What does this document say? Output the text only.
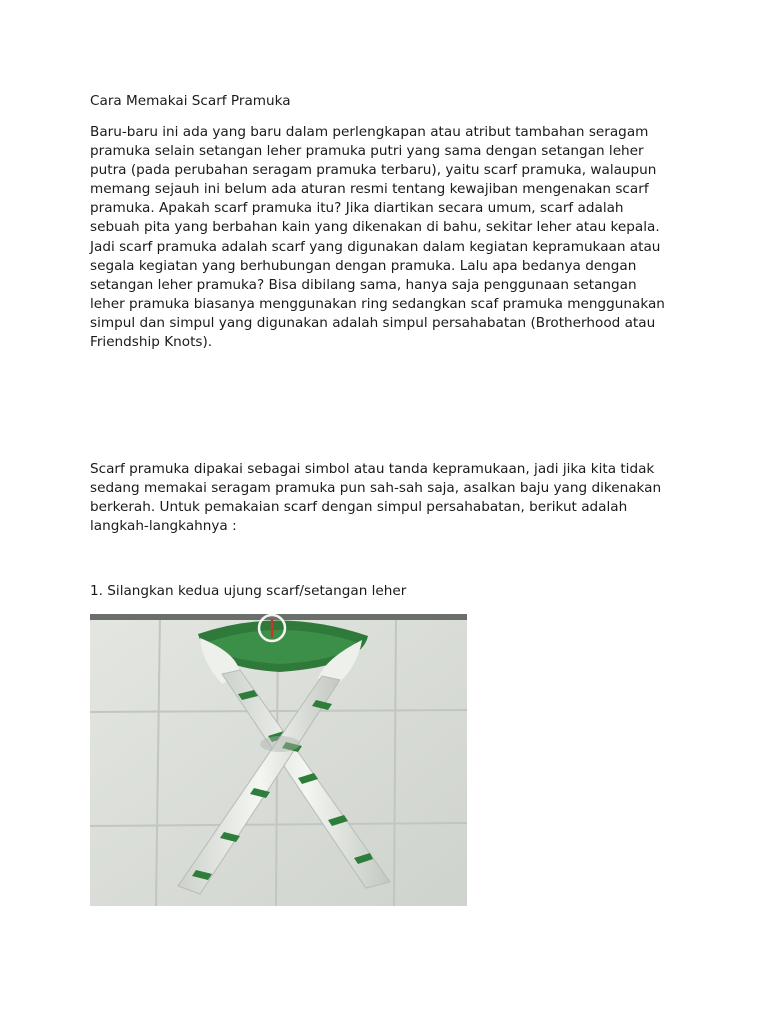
Cara Memakai Scarf Pramuka

Baru-baru ini ada yang baru dalam perlengkapan atau atribut tambahan seragam
pramuka selain setangan leher pramuka putri yang sama dengan setangan leher
putra (pada perubahan seragam pramuka terbaru), yaitu scarf pramuka, walaupun
memang sejauh ini belum ada aturan resmi tentang kewajiban mengenakan scarf
pramuka. Apakah scarf pramuka itu? Jika diartikan secara umum, scarf adalah
sebuah pita yang berbahan kain yang dikenakan di bahu, sekitar leher atau kepala.
Jadi scarf pramuka adalah scarf yang digunakan dalam kegiatan kepramukaan atau
segala kegiatan yang berhubungan dengan pramuka. Lalu apa bedanya dengan
setangan leher pramuka? Bisa dibilang sama, hanya saja penggunaan setangan
leher pramuka biasanya menggunakan ring sedangkan scaf pramuka menggunakan
simpul dan simpul yang digunakan adalah simpul persahabatan (Brotherhood atau
Friendship Knots).

Scarf pramuka dipakai sebagai simbol atau tanda kepramukaan, jadi jika kita tidak
sedang memakai seragam pramuka pun sah-sah saja, asalkan baju yang dikenakan
berkerah. Untuk pemakaian scarf dengan simpul persahabatan, berikut adalah
langkah-langkahnya :

1. Silangkan kedua ujung scarf/setangan leher
